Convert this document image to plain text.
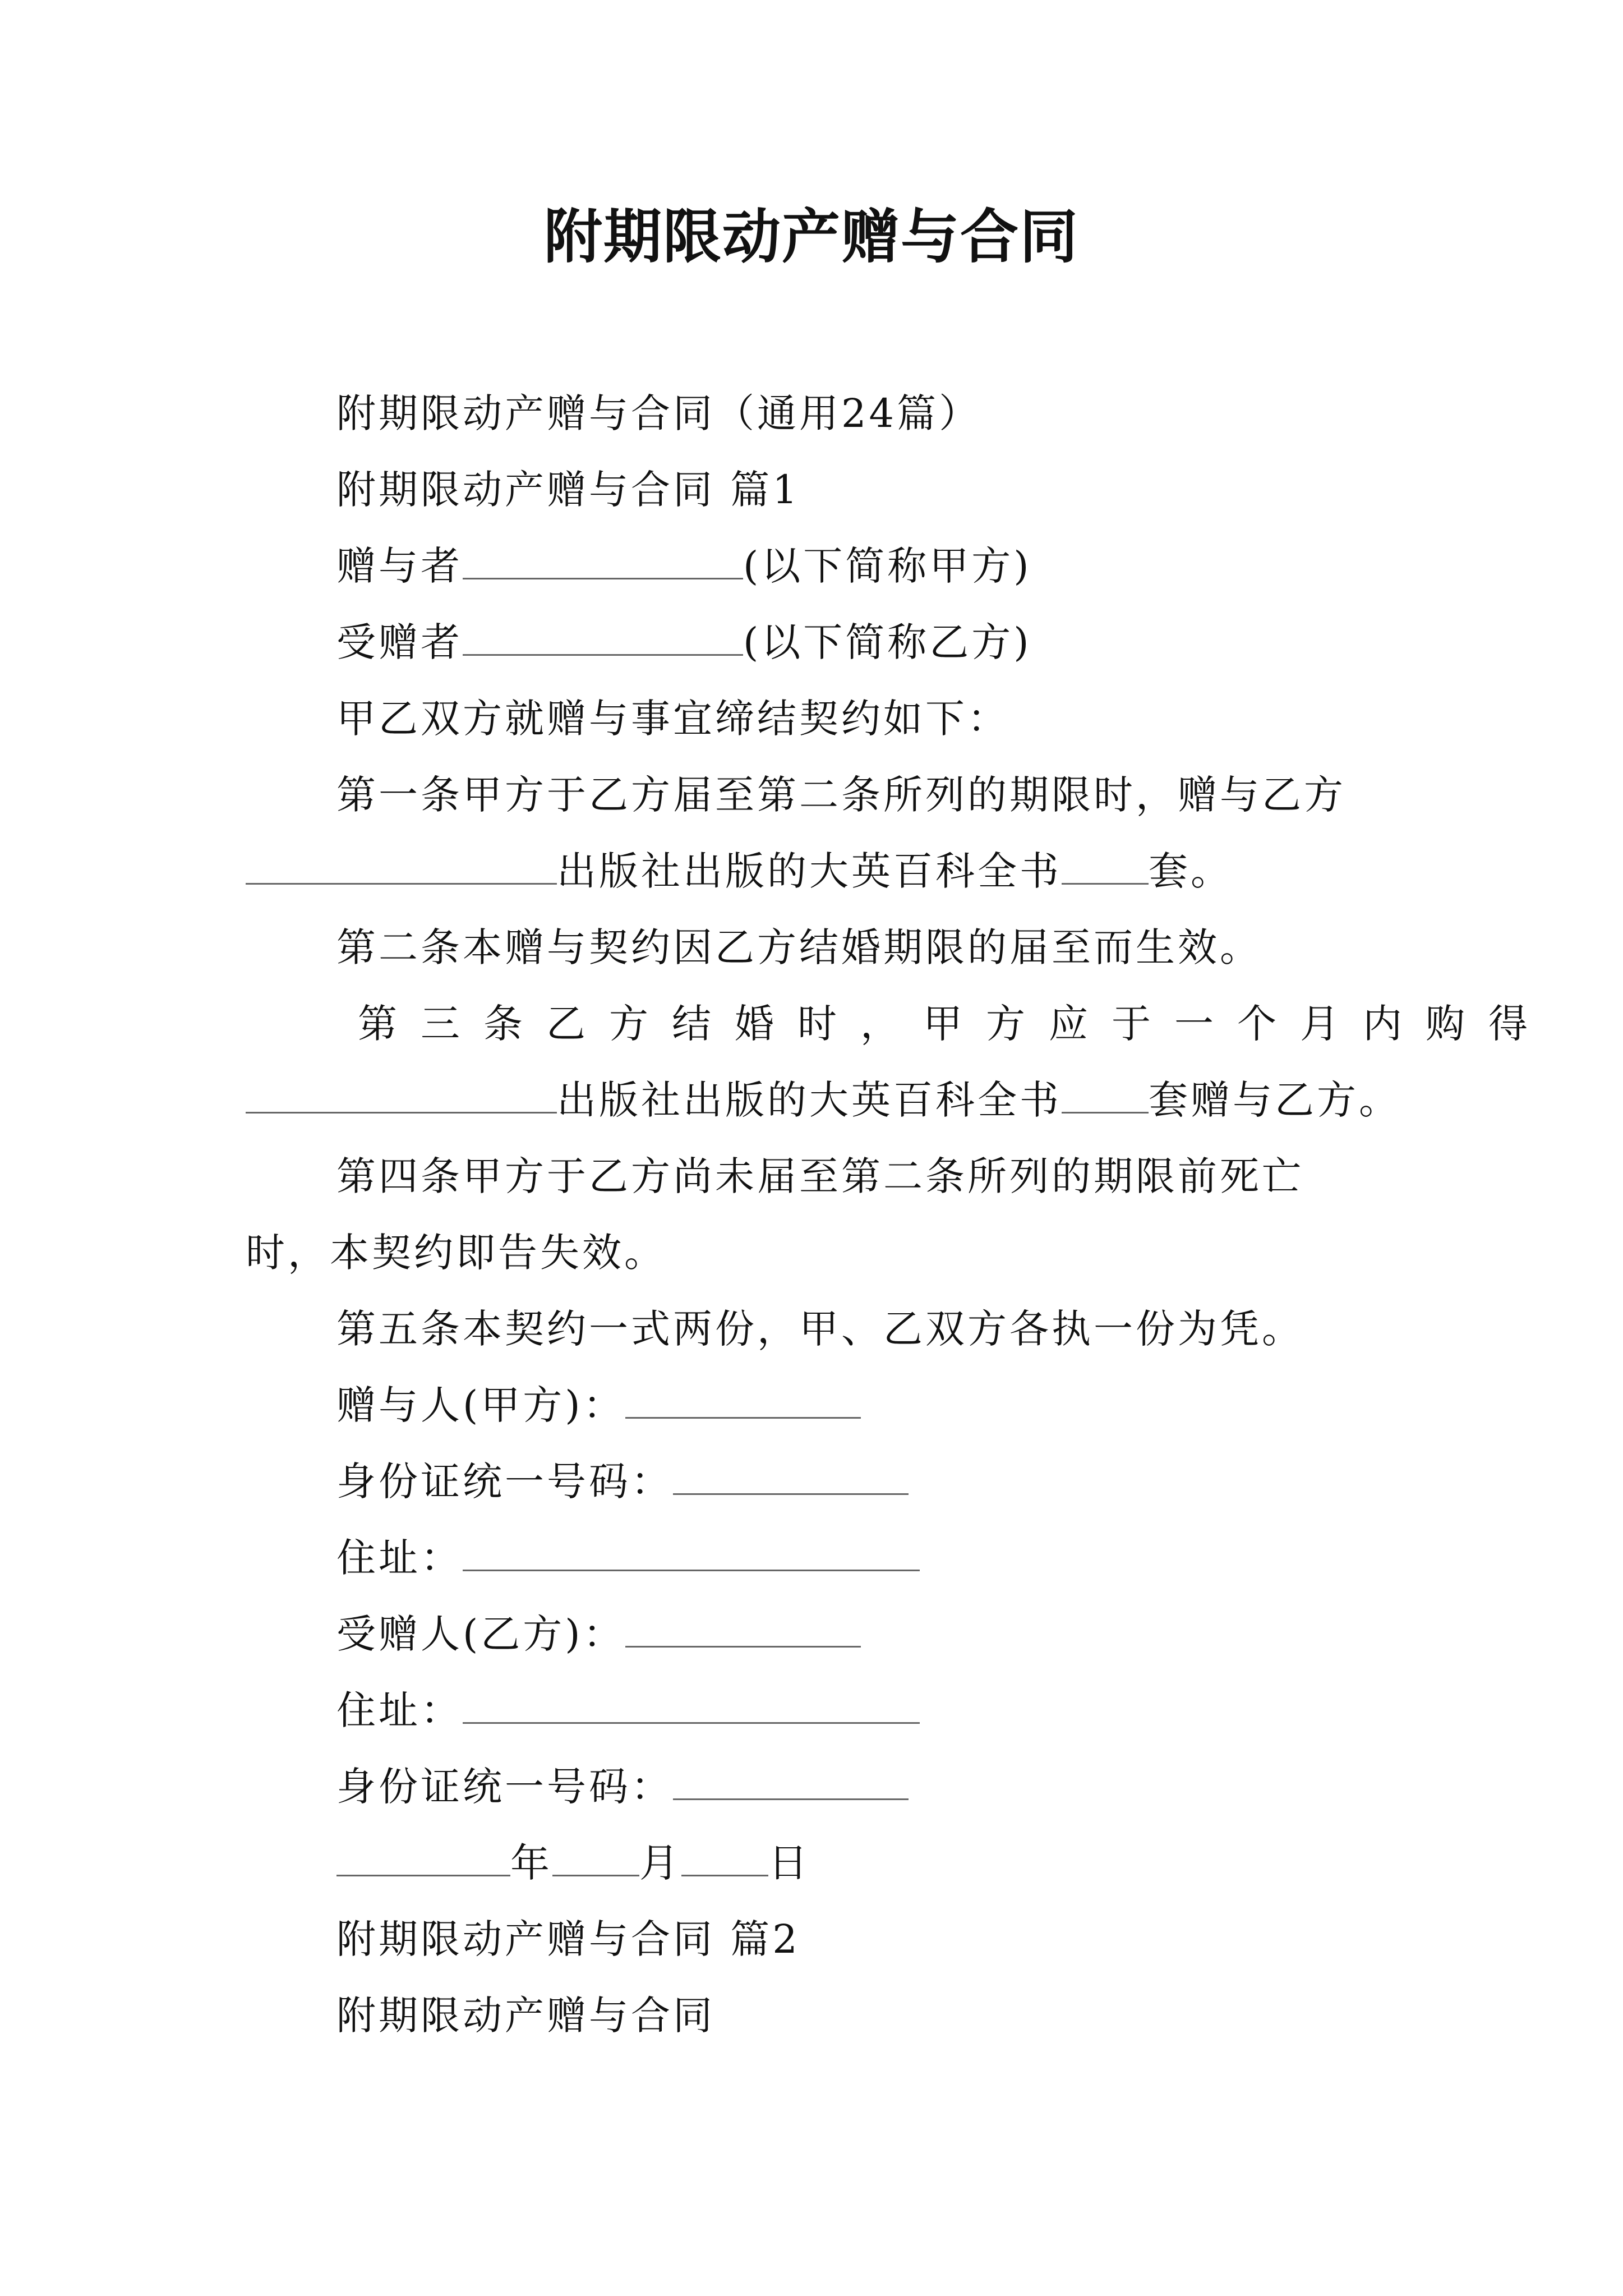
附期限动产赠与合同
附期限动产赠与合同（通用24篇）
附期限动产赠与合同 篇1
赠与者	(以下简称甲方)
受赠者	(以下简称乙方)
甲乙双方就赠与事宜缔结契约如下：
第一条甲方于乙方届至第二条所列的期限时，赠与乙方
出版社出版的大英百科全书 套。
第二条本赠与契约因乙方结婚期限的届至而生效。
第三条乙方结婚时，甲方应于一个月内购得
出版社出版的大英百科全书 套赠与乙方。
第四条甲方于乙方尚未届至第二条所列的期限前死亡
时，本契约即告失效。
第五条本契约一式两份，甲、乙双方各执一份为凭。
赠与人(甲方)：
身份证统一号码：
住址：
受赠人(乙方)：
住址：
身份证统一号码：
年 月 日
附期限动产赠与合同 篇2
附期限动产赠与合同
